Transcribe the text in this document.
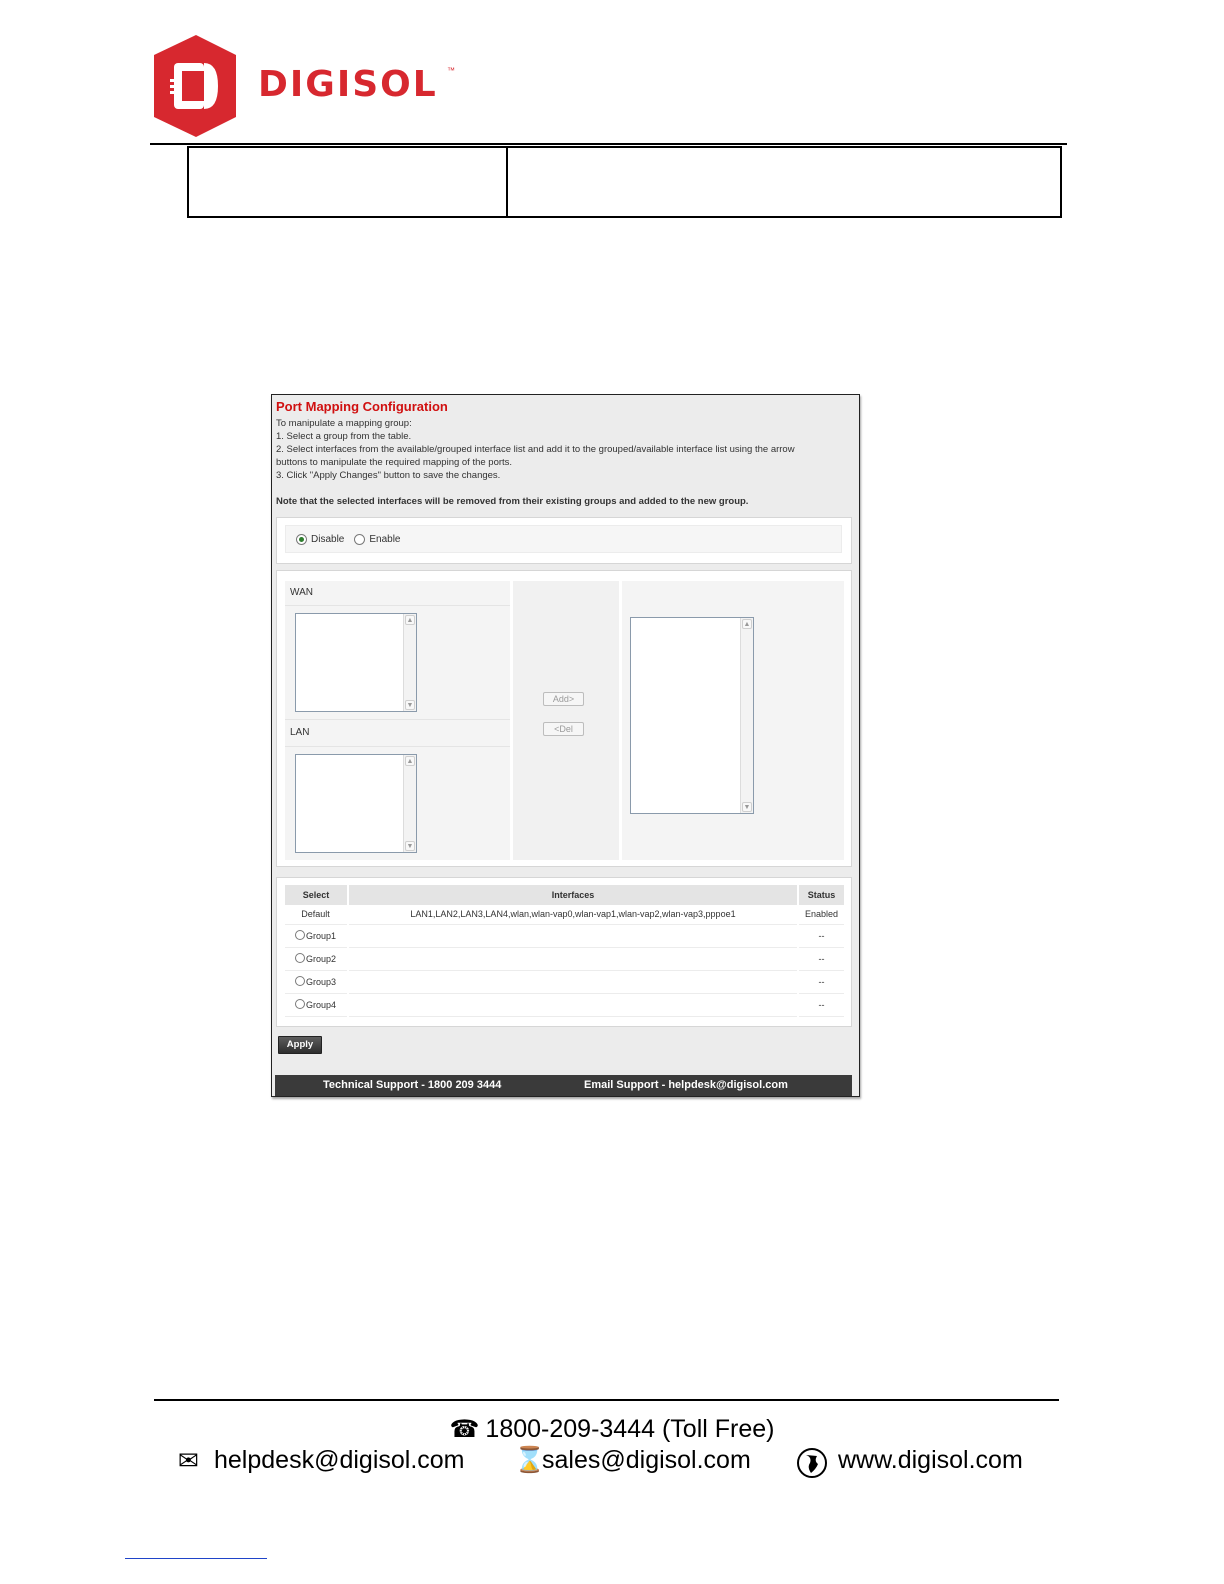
DIGISOL ™
Port Mapping Configuration
To manipulate a mapping group:
1. Select a group from the table.
2. Select interfaces from the available/grouped interface list and add it to the grouped/available interface list using the arrow
buttons to manipulate the required mapping of the ports.
3. Click "Apply Changes" button to save the changes.
Note that the selected interfaces will be removed from their existing groups and added to the new group.
Disable	Enable
WAN
▲
▼
LAN
▲
▼
Add>
<Del
▲
▼
Select	Interfaces	Status
Default	LAN1,LAN2,LAN3,LAN4,wlan,wlan-vap0,wlan-vap1,wlan-vap2,wlan-vap3,pppoe1	Enabled
Group1		--
Group2		--
Group3		--
Group4		--
Apply
Technical Support - 1800 209 3444	Email Support - helpdesk@digisol.com
☎ 1800-209-3444 (Toll Free)
✉ helpdesk@digisol.com ⌛
sales@digisol.com	www.digisol.com
